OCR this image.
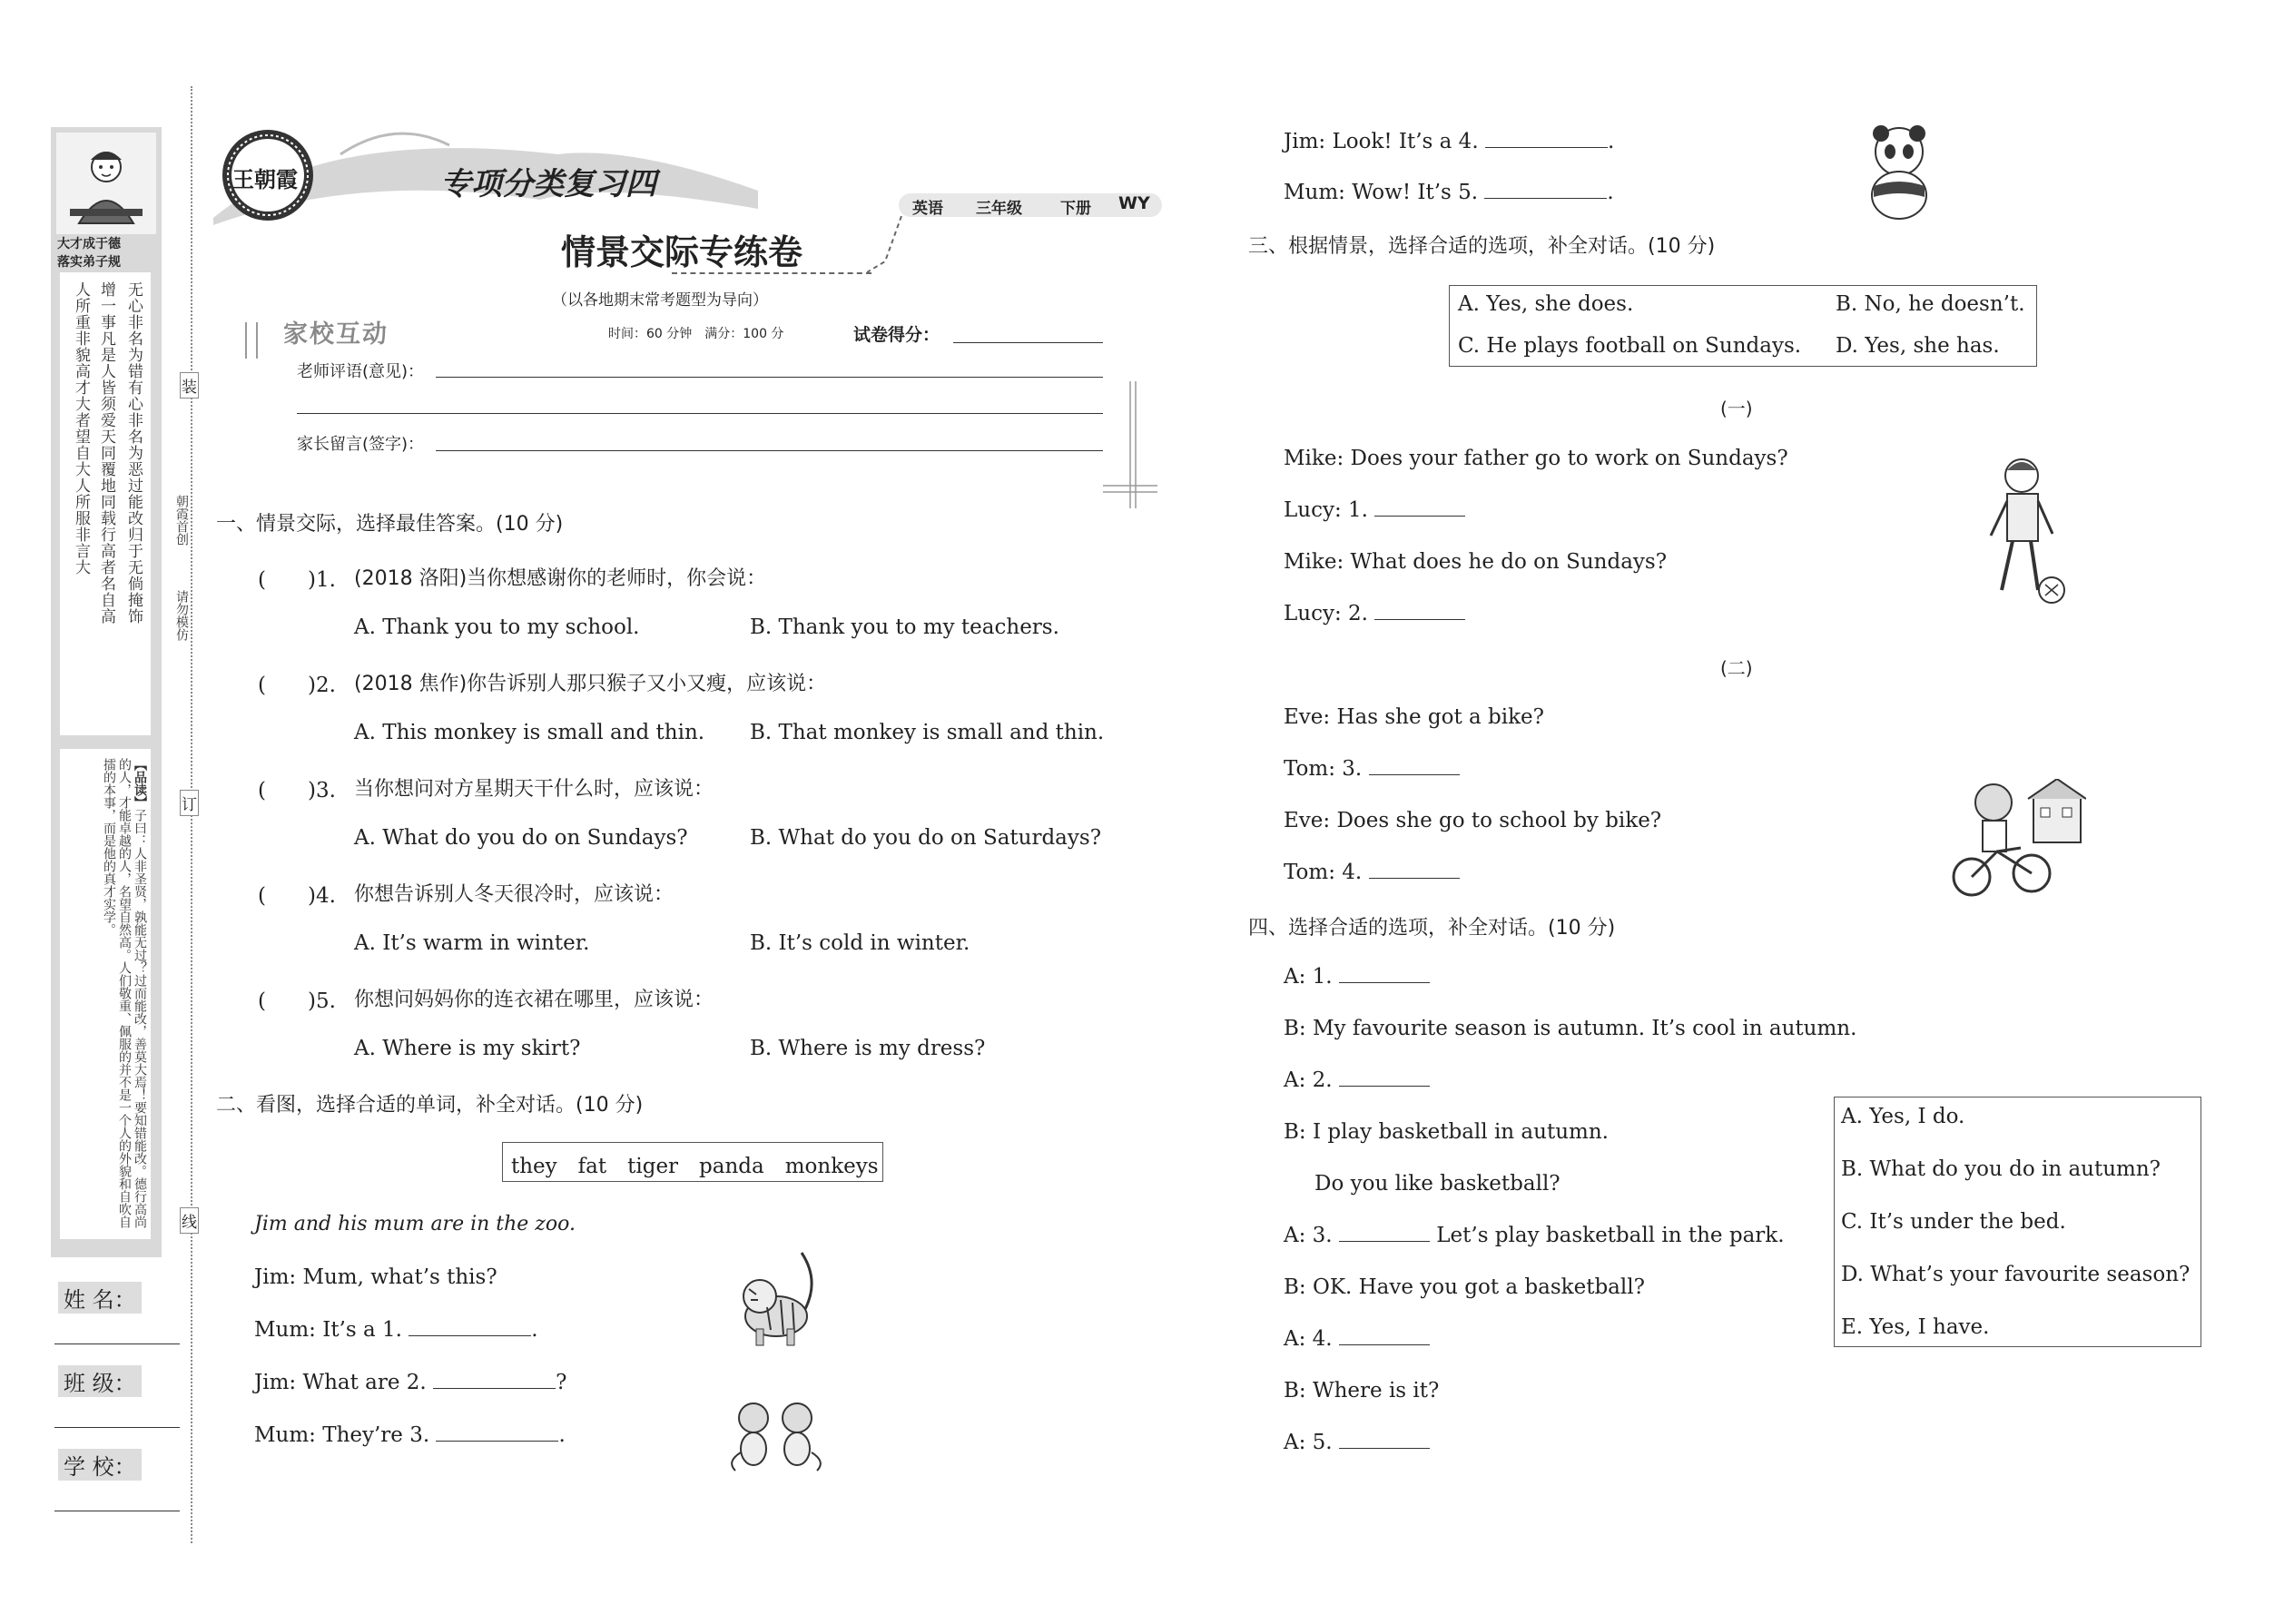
大才成于德
落实弟子规
人所重非貌高才大者望自大人所服非言大 增一事凡是人皆须爱天同覆地同载行高者名自高 无心非名为错有心非名为恶过能改归于无倘掩饰
【品读】子曰：人非圣贤，孰能无过？过而能改，善莫大焉！要知错能改。德行高尚的人，才能卓越的人，名望自然高。人们敬重、佩服的并不是一个人的外貌和自吹自擂的本事，而是他的真才实学。
姓 名：
班 级：
学 校：
装
订
线
朝霞首创
请勿模仿
王朝霞	专项分类复习四
情景交际专练卷
（以各地期末常考题型为导向）
时间：60 分钟　满分：100 分	试卷得分：
英语 三年级 下册 WY
家校互动
老师评语(意见)：
家长留言(签字)：
一、情景交际，选择最佳答案。(10 分)
(　　)1. (2018 洛阳)当你想感谢你的老师时，你会说：
A. Thank you to my school.	B. Thank you to my teachers.
(　　)2. (2018 焦作)你告诉别人那只猴子又小又瘦，应该说：
A. This monkey is small and thin. B. That monkey is small and thin.
(　　)3. 当你想问对方星期天干什么时，应该说：
A. What do you do on Sundays?	B. What do you do on Saturdays?
(　　)4. 你想告诉别人冬天很冷时，应该说：
A. It’s warm in winter.	B. It’s cold in winter.
(　　)5. 你想问妈妈你的连衣裙在哪里，应该说：
A. Where is my skirt?	B. Where is my dress?
二、看图，选择合适的单词，补全对话。(10 分)
they　fat　tiger　panda　monkeys
Jim and his mum are in the zoo.
Jim: Mum, what’s this?
Mum: It’s a 1.	.
Jim: What are 2.	?
Mum: They’re 3.	.
Jim: Look! It’s a 4.	.
Mum: Wow! It’s 5.	.
三、根据情景，选择合适的选项，补全对话。(10 分)
A. Yes, she does.	B. No, he doesn’t.
C. He plays football on Sundays. D. Yes, she has.
(一)
Mike: Does your father go to work on Sundays?
Lucy: 1.
Mike: What does he do on Sundays?
Lucy: 2.
(二)
Eve: Has she got a bike?
Tom: 3.
Eve: Does she go to school by bike?
Tom: 4.
四、选择合适的选项，补全对话。(10 分)
A: 1.
B: My favourite season is autumn. It’s cool in autumn.
A: 2.
B: I play basketball in autumn.
Do you like basketball?
A: 3.	Let’s play basketball in the park.
B: OK. Have you got a basketball?
A: 4.
B: Where is it?
A: 5.
A. Yes, I do.
B. What do you do in autumn?
C. It’s under the bed.
D. What’s your favourite season?
E. Yes, I have.
